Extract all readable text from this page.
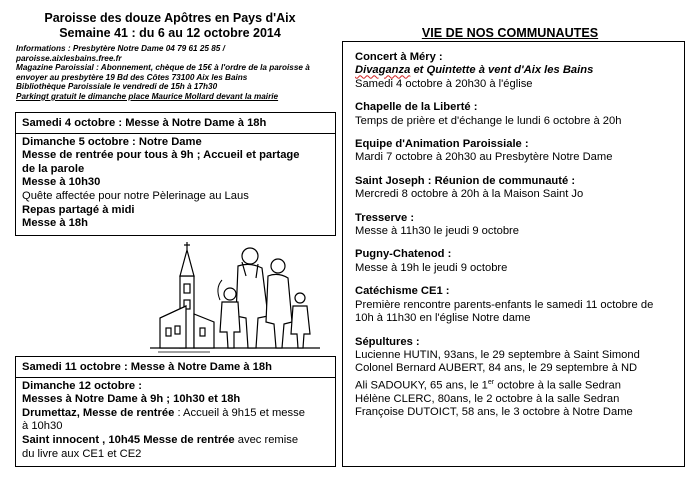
Paroisse des douze Apôtres en Pays d'Aix
Semaine 41 : du 6 au 12 octobre 2014
Informations : Presbytère Notre Dame 04 79 61 25 85 /
paroisse.aixlesbains.free.fr
Magazine Paroissial : Abonnement, chèque de 15€ à l'ordre de la paroisse à
envoyer au presbytère 19 Bd des Côtes 73100 Aix les Bains
Bibliothèque Paroissiale le vendredi de 15h à 17h30
Parkingt gratuit le dimanche place Maurice Mollard devant la mairie
Samedi 4 octobre : Messe à Notre Dame à 18h
Dimanche 5 octobre : Notre Dame
Messe de rentrée pour tous à 9h ; Accueil et partage
de la parole
Messe à 10h30
Quête affectée pour notre Pèlerinage au Laus
Repas partagé à midi
Messe à 18h
Samedi 11 octobre : Messe à Notre Dame à 18h
Dimanche 12 octobre :
Messes à Notre Dame à 9h ; 10h30 et 18h
Drumettaz, Messe de rentrée : Accueil à 9h15 et messe
à 10h30
Saint innocent , 10h45 Messe de rentrée avec remise
du livre aux CE1 et CE2
VIE DE NOS COMMUNAUTES
Concert à Méry :
Divaganza et Quintette à vent d'Aix les Bains
Samedi 4 octobre à 20h30 à l'église
Chapelle de la Liberté :
Temps de prière et d'échange le lundi 6 octobre à 20h
Equipe d'Animation Paroissiale :
Mardi 7 octobre à 20h30 au Presbytère Notre Dame
Saint Joseph : Réunion de communauté :
Mercredi 8 octobre à 20h à la Maison Saint Jo
Tresserve :
Messe à 11h30 le jeudi 9 octobre
Pugny-Chatenod :
Messe à 19h le jeudi 9 octobre
Catéchisme CE1 :
Première rencontre parents-enfants le samedi 11 octobre de
10h à 11h30 en l'église Notre dame
Sépultures :
Lucienne HUTIN, 93ans, le 29 septembre à Saint Simond
Colonel Bernard AUBERT, 84 ans, le 29 septembre à ND
Ali SADOUKY, 65 ans, le 1er octobre à la salle Sedran
Hélène CLERC, 80ans, le 2 octobre à la salle Sedran
Françoise DUTOICT, 58 ans, le 3 octobre à Notre Dame
